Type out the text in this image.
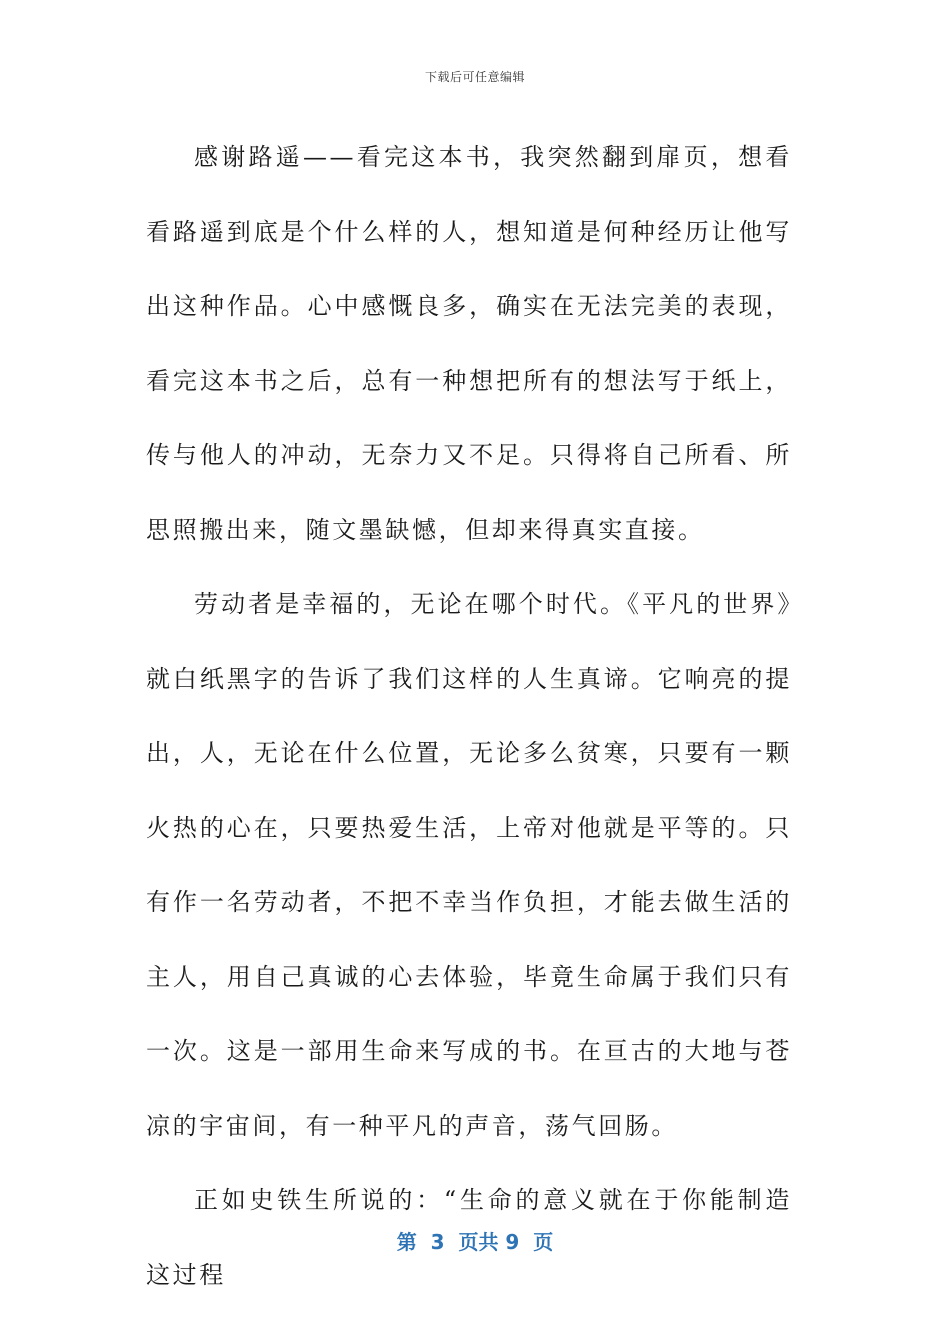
下载后可任意编辑

感谢路遥——看完这本书，我突然翻到扉页，想看看路遥到底是个什么样的人，想知道是何种经历让他写出这种作品。心中感慨良多，确实在无法完美的表现，看完这本书之后，总有一种想把所有的想法写于纸上，传与他人的冲动，无奈力又不足。只得将自己所看、所思照搬出来，随文墨缺憾，但却来得真实直接。

劳动者是幸福的，无论在哪个时代。《平凡的世界》就白纸黑字的告诉了我们这样的人生真谛。它响亮的提出，人，无论在什么位置，无论多么贫寒，只要有一颗火热的心在，只要热爱生活，上帝对他就是平等的。只有作一名劳动者，不把不幸当作负担，才能去做生活的主人，用自己真诚的心去体验，毕竟生命属于我们只有一次。这是一部用生命来写成的书。在亘古的大地与苍凉的宇宙间，有一种平凡的声音，荡气回肠。

正如史铁生所说的：“生命的意义就在于你能制造这过程

第  3  页共 9  页
